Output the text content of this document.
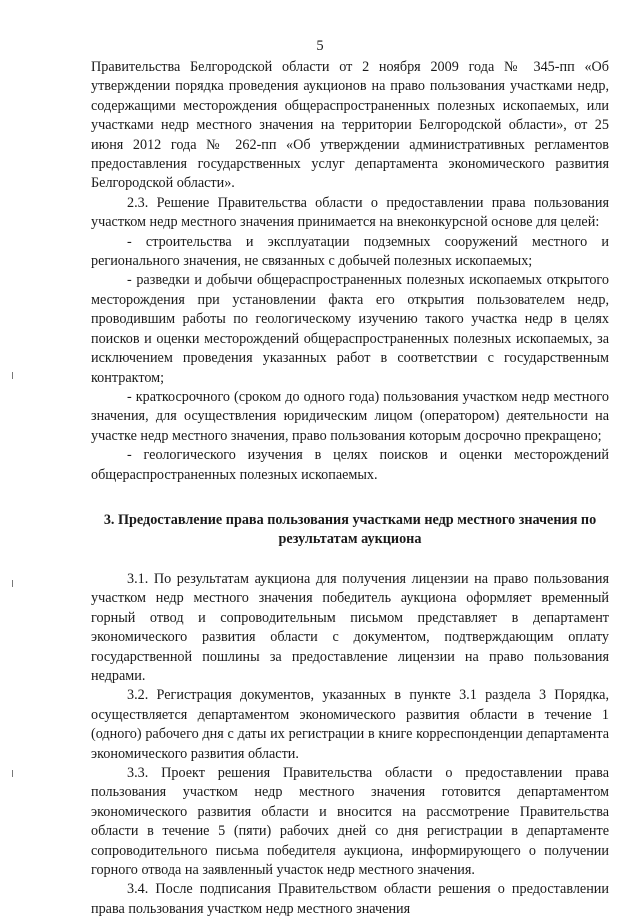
5

Правительства Белгородской области от 2 ноября 2009 года № 345-пп «Об утверждении порядка проведения аукционов на право пользования участками недр, содержащими месторождения общераспространенных полезных ископаемых, или участками недр местного значения на территории Белгородской области», от 25 июня 2012 года № 262-пп «Об утверждении административных регламентов предоставления государственных услуг департамента экономического развития Белгородской области».

2.3. Решение Правительства области о предоставлении права пользования участком недр местного значения принимается на внеконкурсной основе для целей:

- строительства и эксплуатации подземных сооружений местного и регионального значения, не связанных с добычей полезных ископаемых;

- разведки и добычи общераспространенных полезных ископаемых открытого месторождения при установлении факта его открытия пользователем недр, проводившим работы по геологическому изучению такого участка недр в целях поисков и оценки месторождений общераспространенных полезных ископаемых, за исключением проведения указанных работ в соответствии с государственным контрактом;

- краткосрочного (сроком до одного года) пользования участком недр местного значения, для осуществления юридическим лицом (оператором) деятельности на участке недр местного значения, право пользования которым досрочно прекращено;

- геологического изучения в целях поисков и оценки месторождений общераспространенных полезных ископаемых.

3. Предоставление права пользования участками недр местного значения по результатам аукциона

3.1. По результатам аукциона для получения лицензии на право пользования участком недр местного значения победитель аукциона оформляет временный горный отвод и сопроводительным письмом представляет в департамент экономического развития области с документом, подтверждающим оплату государственной пошлины за предоставление лицензии на право пользования недрами.

3.2. Регистрация документов, указанных в пункте 3.1 раздела 3 Порядка, осуществляется департаментом экономического развития области в течение 1 (одного) рабочего дня с даты их регистрации в книге корреспонденции департамента экономического развития области.

3.3. Проект решения Правительства области о предоставлении права пользования участком недр местного значения готовится департаментом экономического развития области и вносится на рассмотрение Правительства области в течение 5 (пяти) рабочих дней со дня регистрации в департаменте сопроводительного письма победителя аукциона, информирующего о получении горного отвода на заявленный участок недр местного значения.

3.4. После подписания Правительством области решения о предоставлении права пользования участком недр местного значения
